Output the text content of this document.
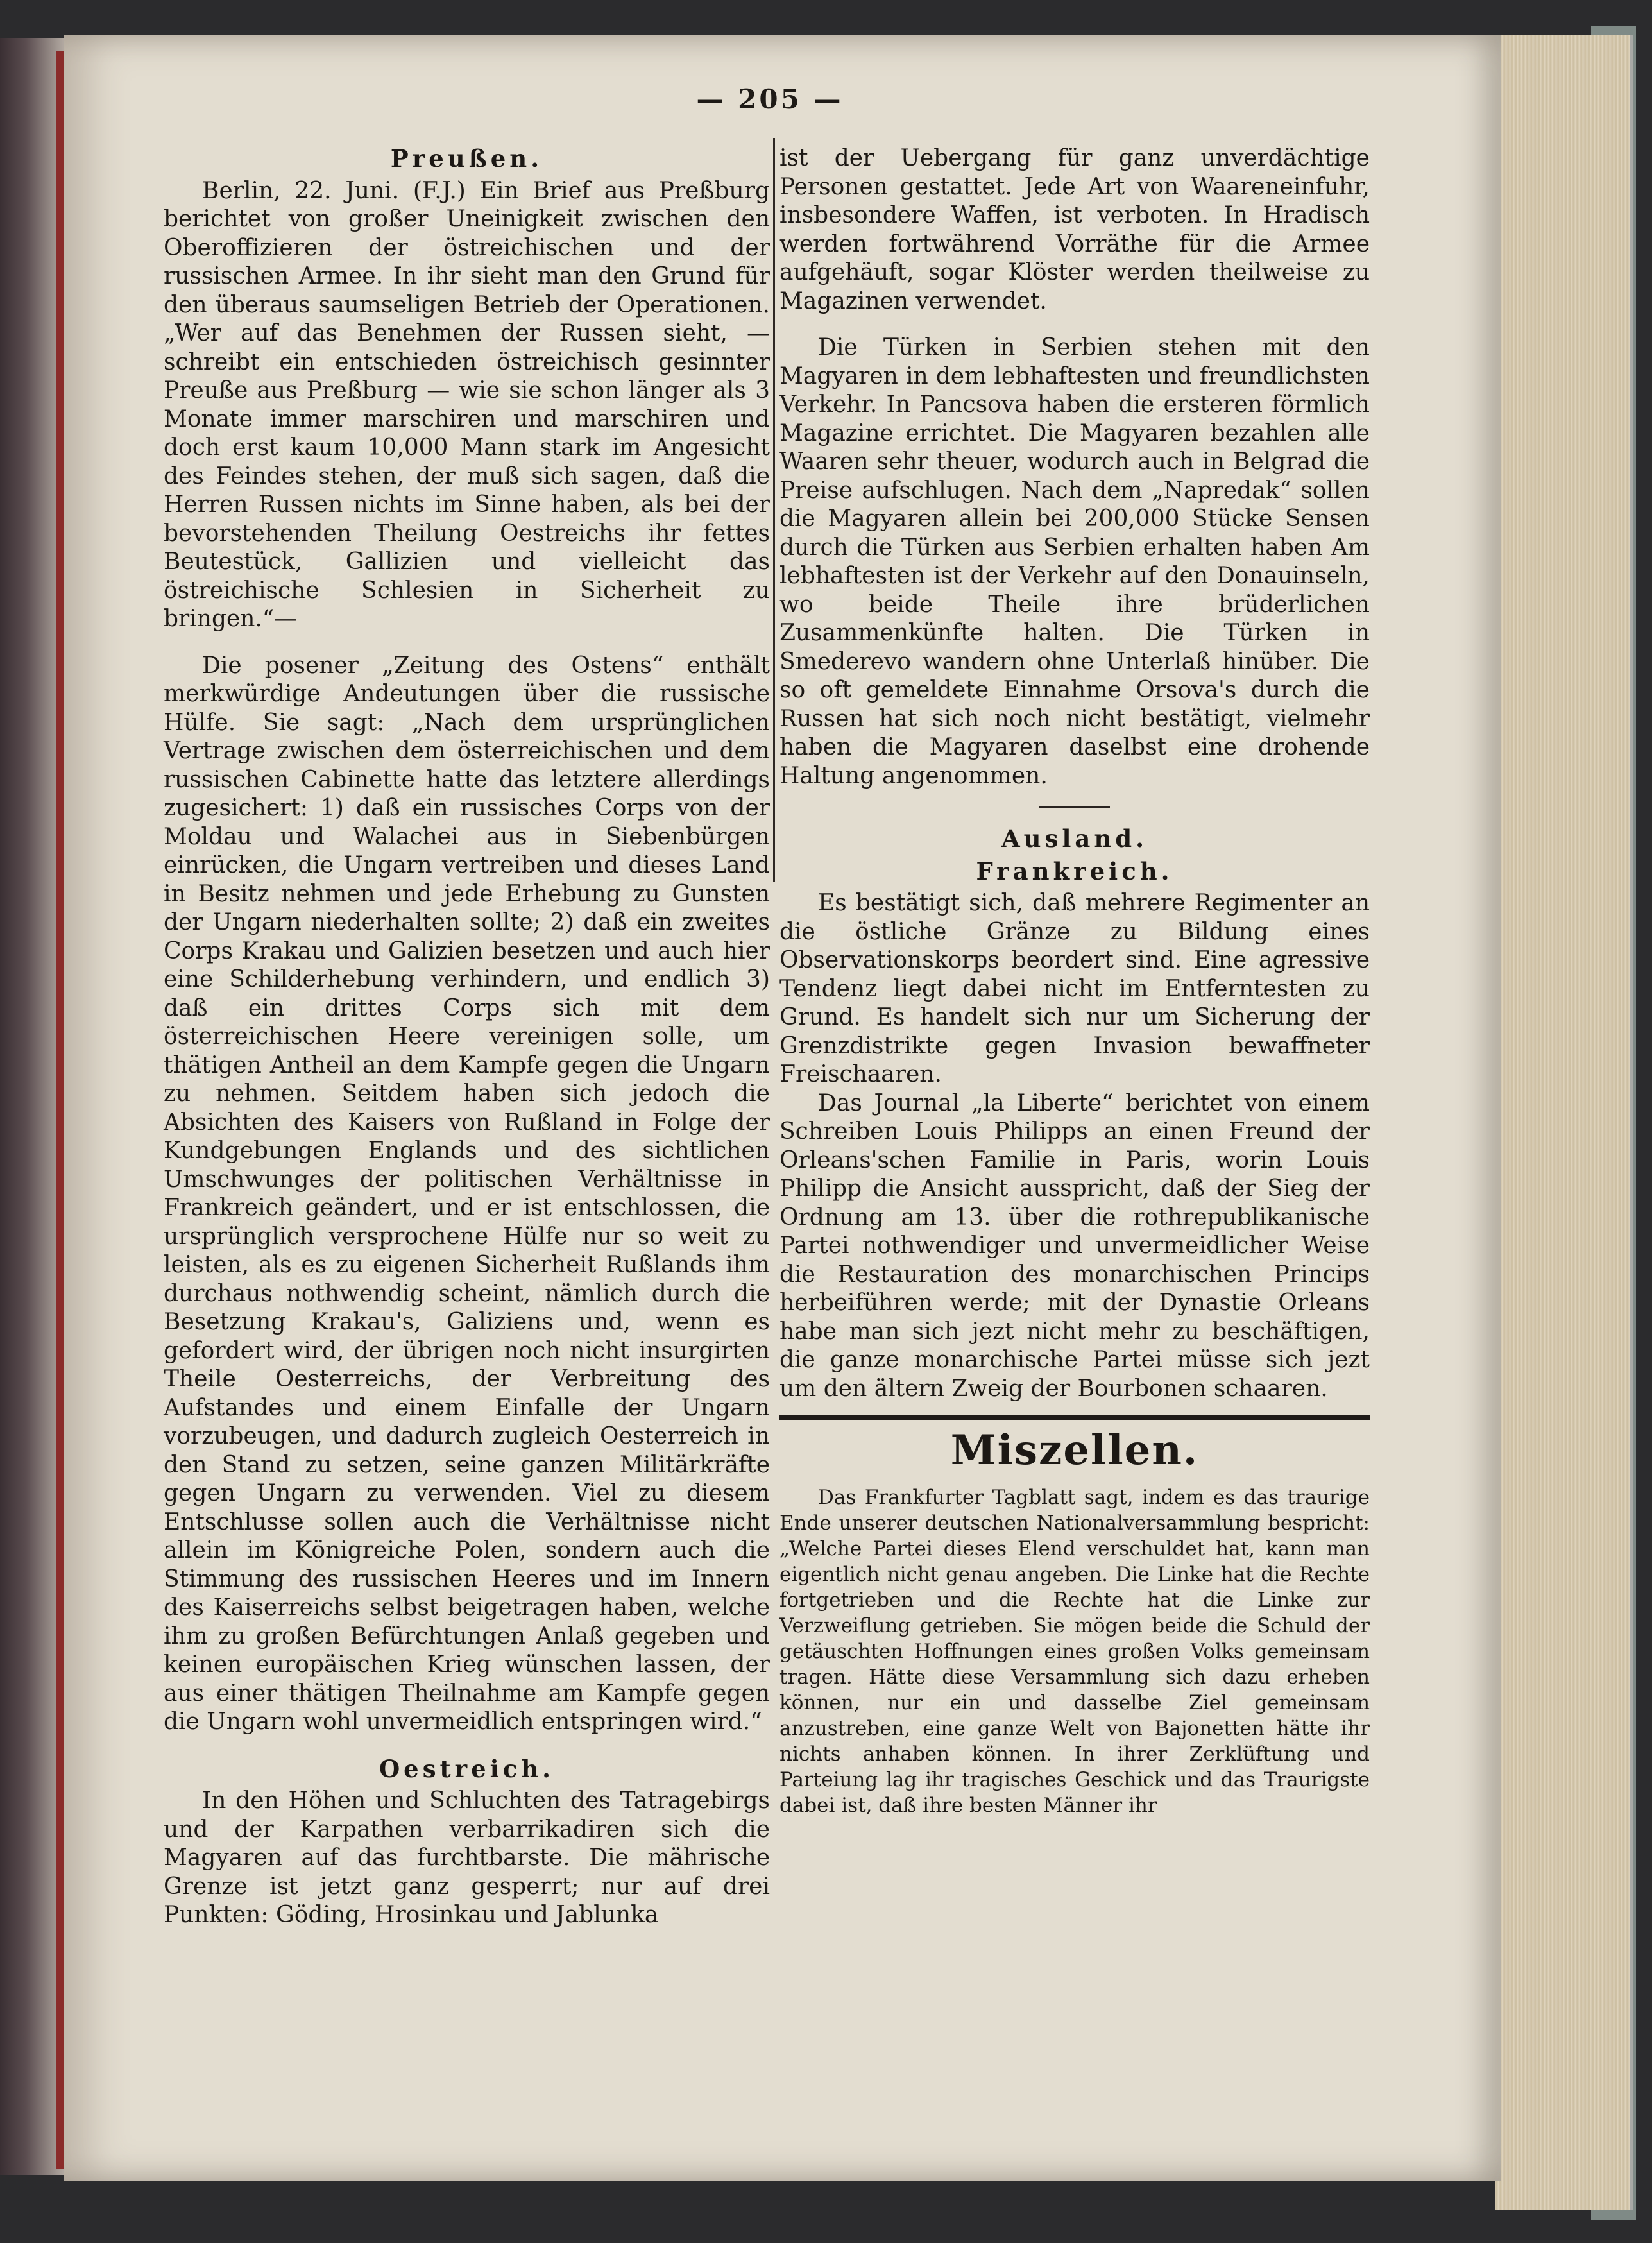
— 205 —
Preußen.

Berlin, 22. Juni. (F.J.) Ein Brief aus Preßburg berichtet von großer Uneinigkeit zwischen den Oberoffizieren der östreichischen und der russischen Armee. In ihr sieht man den Grund für den überaus saumseligen Betrieb der Operationen. „Wer auf das Benehmen der Russen sieht, — schreibt ein entschieden östreichisch gesinnter Preuße aus Preßburg — wie sie schon länger als 3 Monate immer marschiren und marschiren und doch erst kaum 10,000 Mann stark im Angesicht des Feindes stehen, der muß sich sagen, daß die Herren Russen nichts im Sinne haben, als bei der bevorstehenden Theilung Oestreichs ihr fettes Beutestück, Gallizien und vielleicht das östreichische Schlesien in Sicherheit zu bringen.“—

Die posener „Zeitung des Ostens“ enthält merkwürdige Andeutungen über die russische Hülfe. Sie sagt: „Nach dem ursprünglichen Vertrage zwischen dem österreichischen und dem russischen Cabinette hatte das letztere allerdings zugesichert: 1) daß ein russisches Corps von der Moldau und Walachei aus in Siebenbürgen einrücken, die Ungarn vertreiben und dieses Land in Besitz nehmen und jede Erhebung zu Gunsten der Ungarn niederhalten sollte; 2) daß ein zweites Corps Krakau und Galizien besetzen und auch hier eine Schilderhebung verhindern, und endlich 3) daß ein drittes Corps sich mit dem österreichischen Heere vereinigen solle, um thätigen Antheil an dem Kampfe gegen die Ungarn zu nehmen. Seitdem haben sich jedoch die Absichten des Kaisers von Rußland in Folge der Kundgebungen Englands und des sichtlichen Umschwunges der politischen Verhältnisse in Frankreich geändert, und er ist entschlossen, die ursprünglich versprochene Hülfe nur so weit zu leisten, als es zu eigenen Sicherheit Rußlands ihm durchaus nothwendig scheint, nämlich durch die Besetzung Krakau's, Galiziens und, wenn es gefordert wird, der übrigen noch nicht insurgirten Theile Oesterreichs, der Verbreitung des Aufstandes und einem Einfalle der Ungarn vorzubeugen, und dadurch zugleich Oesterreich in den Stand zu setzen, seine ganzen Militärkräfte gegen Ungarn zu verwenden. Viel zu diesem Entschlusse sollen auch die Verhältnisse nicht allein im Königreiche Polen, sondern auch die Stimmung des russischen Heeres und im Innern des Kaiserreichs selbst beigetragen haben, welche ihm zu großen Befürchtungen Anlaß gegeben und keinen europäischen Krieg wünschen lassen, der aus einer thätigen Theilnahme am Kampfe gegen die Ungarn wohl unvermeidlich entspringen wird.“

Oestreich.

In den Höhen und Schluchten des Tatragebirgs und der Karpathen verbarrikadiren sich die Magyaren auf das furchtbarste. Die mährische Grenze ist jetzt ganz gesperrt; nur auf drei Punkten: Göding, Hrosinkau und Jablunka

ist der Uebergang für ganz unverdächtige Personen gestattet. Jede Art von Waareneinfuhr, insbesondere Waffen, ist verboten. In Hradisch werden fortwährend Vorräthe für die Armee aufgehäuft, sogar Klöster werden theilweise zu Magazinen verwendet.

Die Türken in Serbien stehen mit den Magyaren in dem lebhaftesten und freundlichsten Verkehr. In Pancsova haben die ersteren förmlich Magazine errichtet. Die Magyaren bezahlen alle Waaren sehr theuer, wodurch auch in Belgrad die Preise aufschlugen. Nach dem „Napredak“ sollen die Magyaren allein bei 200,000 Stücke Sensen durch die Türken aus Serbien erhalten haben Am lebhaftesten ist der Verkehr auf den Donauinseln, wo beide Theile ihre brüderlichen Zusammenkünfte halten. Die Türken in Smederevo wandern ohne Unterlaß hinüber. Die so oft gemeldete Einnahme Orsova's durch die Russen hat sich noch nicht bestätigt, vielmehr haben die Magyaren daselbst eine drohende Haltung angenommen.

Ausland.
Frankreich.

Es bestätigt sich, daß mehrere Regimenter an die östliche Gränze zu Bildung eines Observationskorps beordert sind. Eine agressive Tendenz liegt dabei nicht im Entferntesten zu Grund. Es handelt sich nur um Sicherung der Grenzdistrikte gegen Invasion bewaffneter Freischaaren.

Das Journal „la Liberte“ berichtet von einem Schreiben Louis Philipps an einen Freund der Orleans'schen Familie in Paris, worin Louis Philipp die Ansicht ausspricht, daß der Sieg der Ordnung am 13. über die rothrepublikanische Partei nothwendiger und unvermeidlicher Weise die Restauration des monarchischen Princips herbeiführen werde; mit der Dynastie Orleans habe man sich jezt nicht mehr zu beschäftigen, die ganze monarchische Partei müsse sich jezt um den ältern Zweig der Bourbonen schaaren.

Miszellen.

Das Frankfurter Tagblatt sagt, indem es das traurige Ende unserer deutschen Nationalversammlung bespricht: „Welche Partei dieses Elend verschuldet hat, kann man eigentlich nicht genau angeben. Die Linke hat die Rechte fortgetrieben und die Rechte hat die Linke zur Verzweiflung getrieben. Sie mögen beide die Schuld der getäuschten Hoffnungen eines großen Volks gemeinsam tragen. Hätte diese Versammlung sich dazu erheben können, nur ein und dasselbe Ziel gemeinsam anzustreben, eine ganze Welt von Bajonetten hätte ihr nichts anhaben können. In ihrer Zerklüftung und Parteiung lag ihr tragisches Geschick und das Traurigste dabei ist, daß ihre besten Männer ihr
